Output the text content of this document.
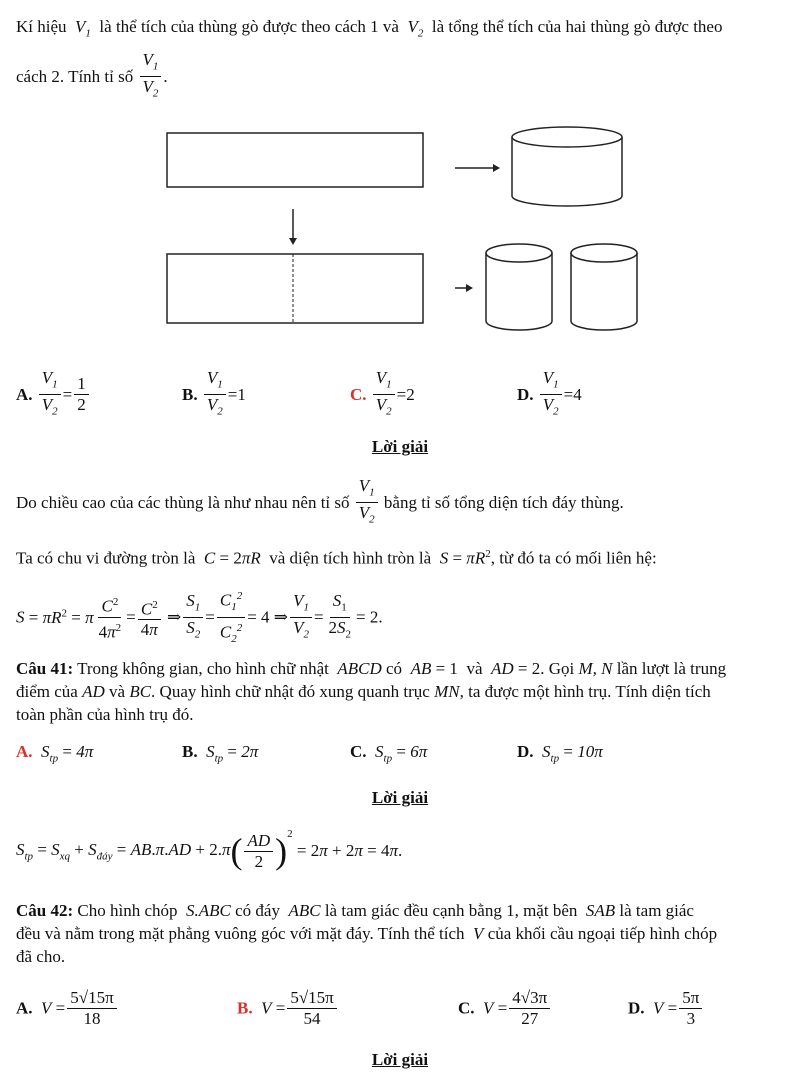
Kí hiệu  $V_1$ là thể tích của thùng gò được theo cách 1 và  $V_2$ là tổng thể tích của hai thùng gò được theo
cách 2. Tính tỉ số $\frac{V_1}{V_2}$ .
A. $\frac{V_1}{V_2} = \frac{1}{2}$	B. $\frac{V_1}{V_2} =1$	C. $\frac{V_1}{V_2} =2$	D. $\frac{V_1}{V_2} =4$
Lời giải
Do chiều cao của các thùng là như nhau nên tỉ số $\frac{V_1}{V_2}$ bằng tỉ số tổng diện tích đáy thùng.
Ta có chu vi đường tròn là  C = 2πR và diện tích hình tròn là  $S = \pi R^2$, từ đó ta có mối liên hệ:
$S = \pi R^2 = \pi \frac{C^2}{4\pi^2} = \frac{C^2}{4\pi}$ ⇒ $\frac{S_1}{S_2} = \frac{C_1^2}{C_2^2} = 4$ ⇒ $\frac{V_1}{V_2} = \frac{S_1}{2S_2} = 2$.
Câu 41: Trong không gian, cho hình chữ nhật  ABCD có  AB = 1  và  AD = 2. Gọi M, N lần lượt là trung
điểm của AD và BC. Quay hình chữ nhật đó xung quanh trục MN, ta được một hình trụ. Tính diện tích
toàn phần của hình trụ đó.
A.  $S_{tp} = 4\pi$	B.  $S_{tp} = 2\pi$	C.  $S_{tp} = 6\pi$	D.  $S_{tp} = 10\pi$
Lời giải
$S_{tp} = S_{xq} + S_{đáy} = AB.\pi.AD + 2.\pi( \frac{AD}{2} )^2 = 2\pi + 2\pi = 4\pi$.
Câu 42: Cho hình chóp  S.ABC có đáy  ABC là tam giác đều cạnh bằng 1, mặt bên  SAB là tam giác
đều và nằm trong mặt phẳng vuông góc với mặt đáy. Tính thể tích  V của khối cầu ngoại tiếp hình chóp
đã cho.
A.  $V = \frac{5√15\pi}{18}$	B.  $V = \frac{5√15\pi}{54}$	C.  $V = \frac{4√3\pi}{27}$	D.  $V = \frac{5\pi}{3}$
Lời giải
